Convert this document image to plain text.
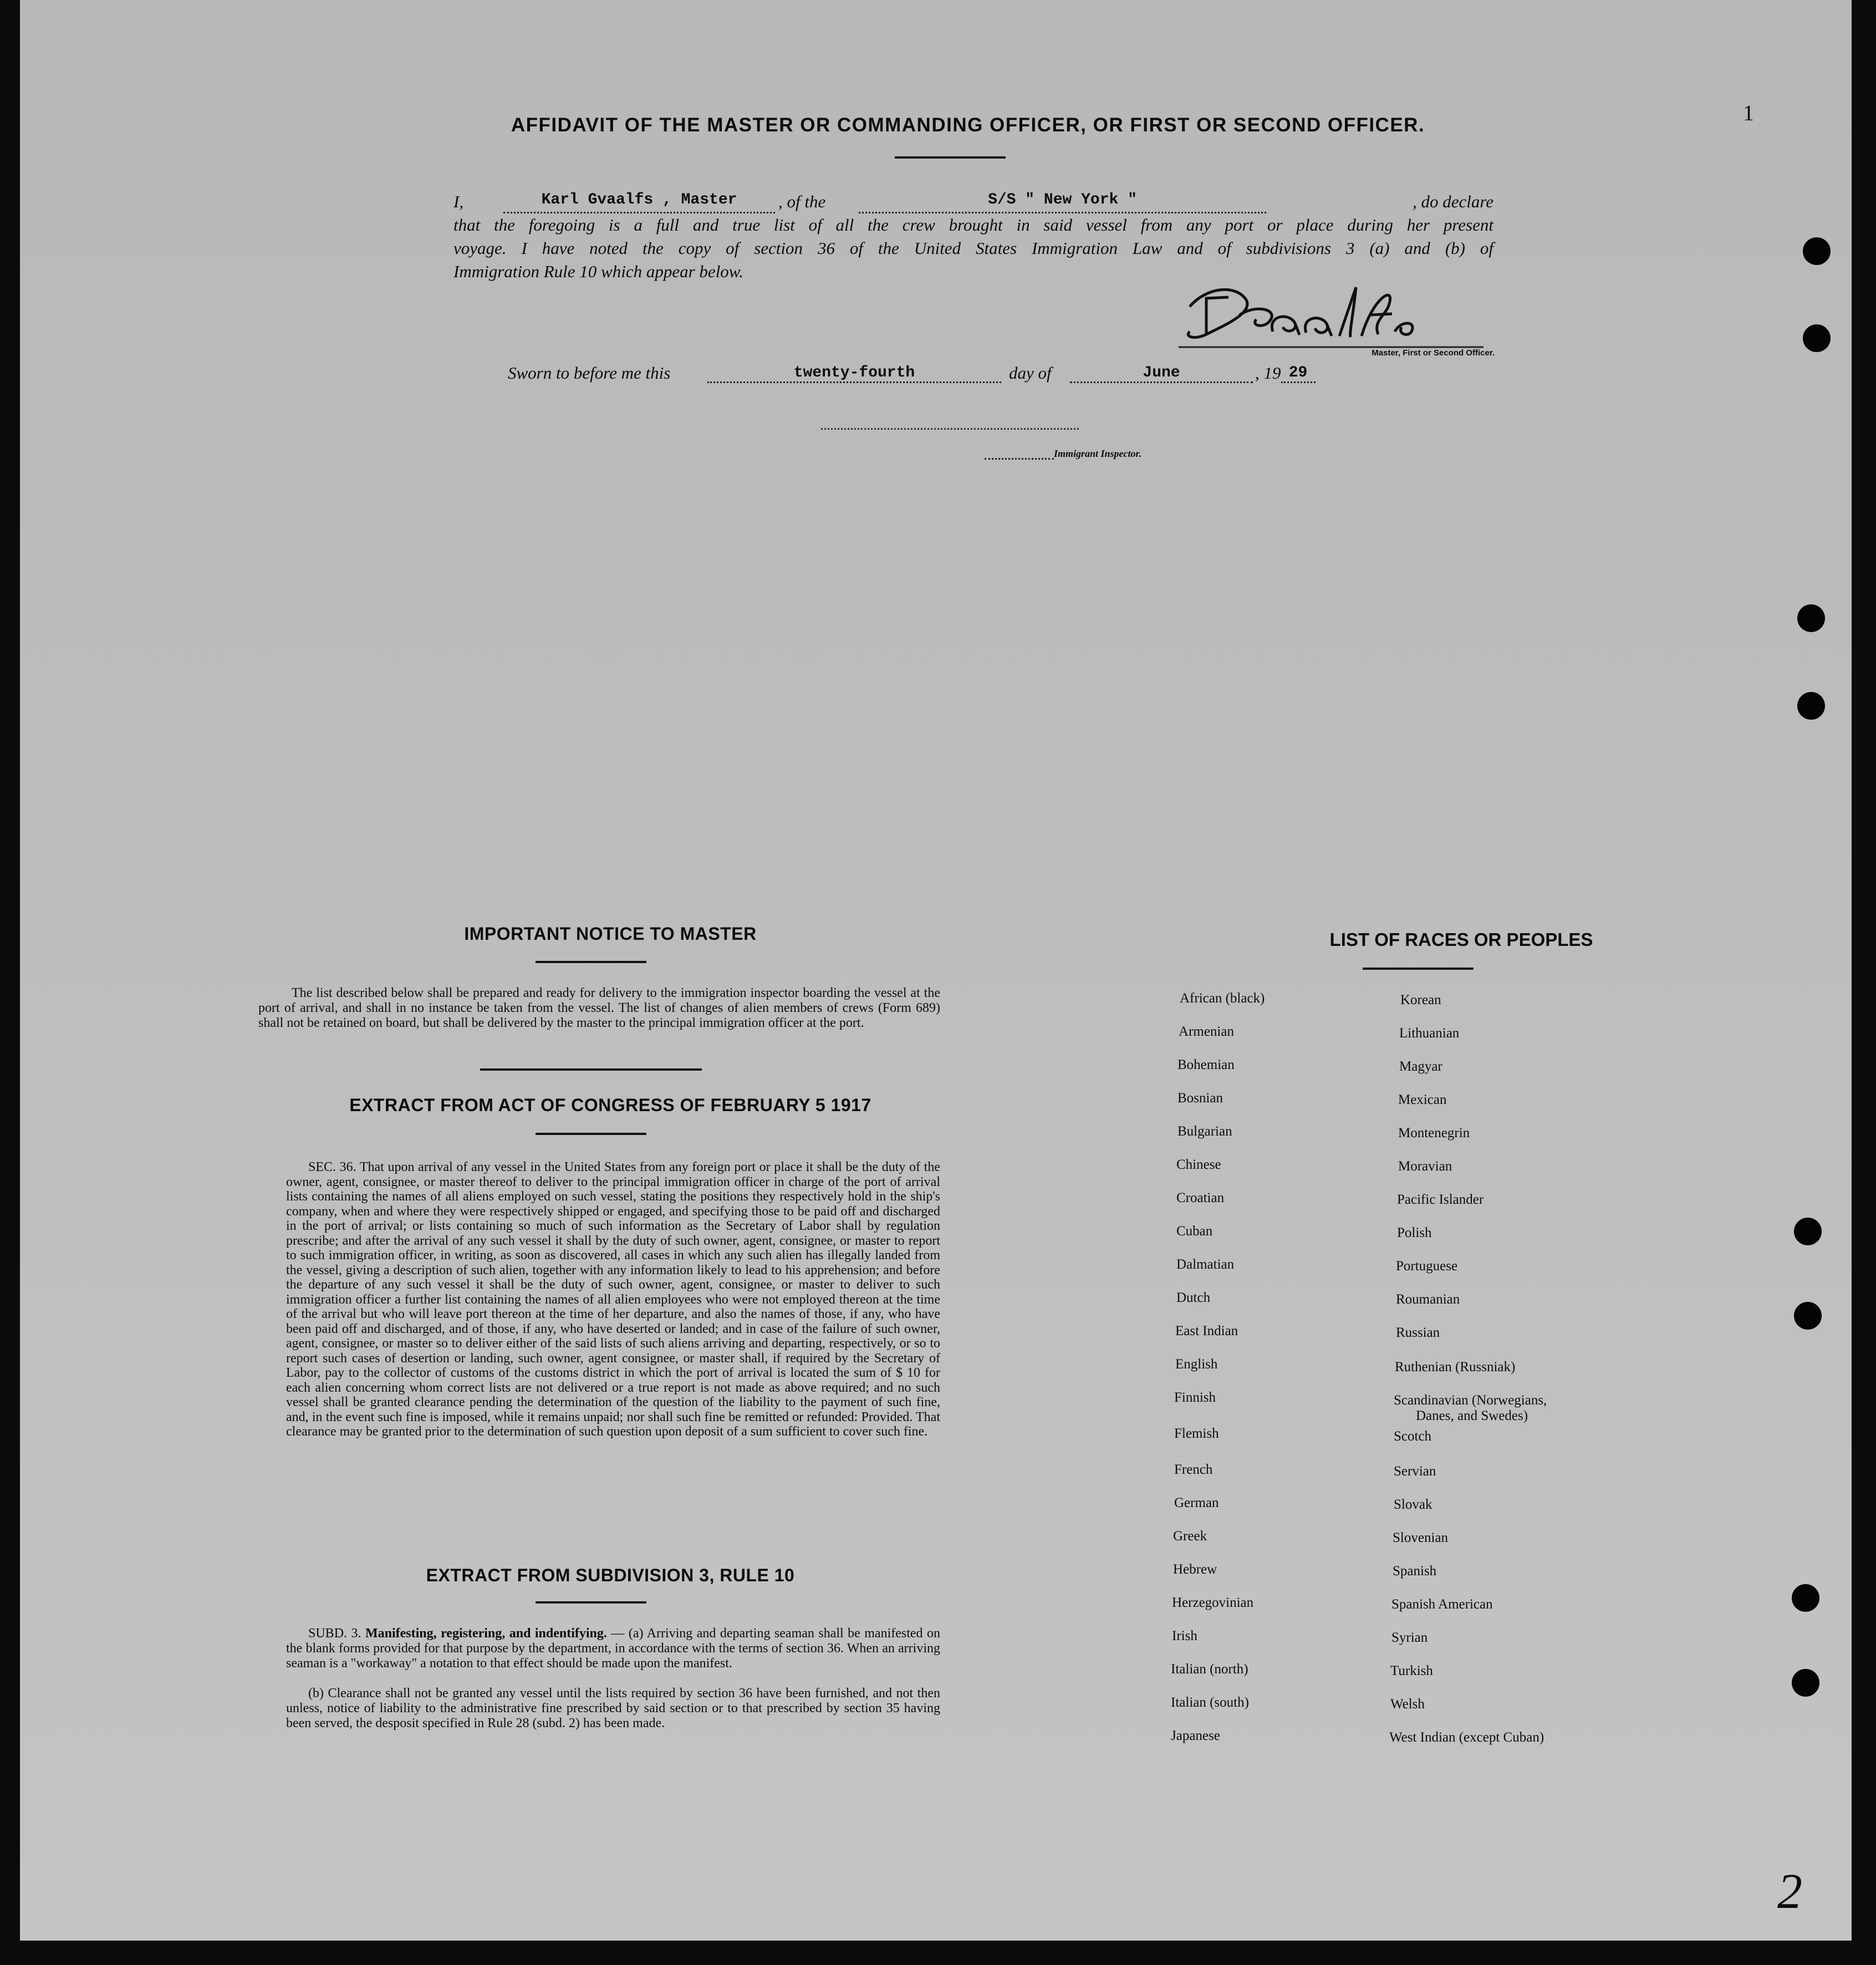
1
2
AFFIDAVIT OF THE MASTER OR COMMANDING OFFICER, OR FIRST OR SECOND OFFICER.
I,	Karl Gvaalfs , Master	, of the	S/S " New York "	, do declare
that the foregoing is a full and true list of all the crew brought in said vessel from any port or place during her present
voyage. I have noted the copy of section 36 of the United States Immigration Law and of subdivisions 3 (a) and (b) of
Immigration Rule 10 which appear below.
Master, First or Second Officer.
Sworn to before me this	twenty-fourth	day of	June	, 19 29
Immigrant Inspector.
IMPORTANT NOTICE TO MASTER
The list described below shall be prepared and ready for delivery to the immigration inspector boarding the vessel at the port of arrival, and shall in no instance be taken from the vessel. The list of changes of alien members of crews (Form 689) shall not be retained on board, but shall be delivered by the master to the principal immigration officer at the port.
EXTRACT FROM ACT OF CONGRESS OF FEBRUARY 5 1917
SEC. 36. That upon arrival of any vessel in the United States from any foreign port or place it shall be the duty of the owner, agent, consignee, or master thereof to deliver to the principal immigration officer in charge of the port of arrival lists containing the names of all aliens employed on such vessel, stating the positions they respectively hold in the ship's company, when and where they were respectively shipped or engaged, and specifying those to be paid off and discharged in the port of arrival; or lists containing so much of such information as the Secretary of Labor shall by regulation prescribe; and after the arrival of any such vessel it shall by the duty of such owner, agent, consignee, or master to report to such immigration officer, in writing, as soon as discovered, all cases in which any such alien has illegally landed from the vessel, giving a description of such alien, together with any information likely to lead to his apprehension; and before the departure of any such vessel it shall be the duty of such owner, agent, consignee, or master to deliver to such immigration officer a further list containing the names of all alien employees who were not employed thereon at the time of the arrival but who will leave port thereon at the time of her departure, and also the names of those, if any, who have been paid off and discharged, and of those, if any, who have deserted or landed; and in case of the failure of such owner, agent, consignee, or master so to deliver either of the said lists of such aliens arriving and departing, respectively, or so to report such cases of desertion or landing, such owner, agent consignee, or master shall, if required by the Secretary of Labor, pay to the collector of customs of the customs district in which the port of arrival is located the sum of $ 10 for each alien concerning whom correct lists are not delivered or a true report is not made as above required; and no such vessel shall be granted clearance pending the determination of the question of the liability to the payment of such fine, and, in the event such fine is imposed, while it remains unpaid; nor shall such fine be remitted or refunded: Provided. That clearance may be granted prior to the determination of such question upon deposit of a sum sufficient to cover such fine.
EXTRACT FROM SUBDIVISION 3, RULE 10
SUBD. 3. Manifesting, registering, and indentifying. — (a) Arriving and departing seaman shall be manifested on the blank forms provided for that purpose by the department, in accordance with the terms of section 36. When an arriving seaman is a "workaway" a notation to that effect should be made upon the manifest.
(b) Clearance shall not be granted any vessel until the lists required by section 36 have been furnished, and not then unless, notice of liability to the administrative fine prescribed by said section or to that prescribed by section 35 having been served, the desposit specified in Rule 28 (subd. 2) has been made.
LIST OF RACES OR PEOPLES
African (black)
Armenian
Bohemian
Bosnian
Bulgarian
Chinese
Croatian
Cuban
Dalmatian
Dutch
East Indian
English
Finnish
Flemish
French
German
Greek
Hebrew
Herzegovinian
Irish
Italian (north)
Italian (south)
Japanese
Korean
Lithuanian
Magyar
Mexican
Montenegrin
Moravian
Pacific Islander
Polish
Portuguese
Roumanian
Russian
Ruthenian (Russniak)
Scandinavian (Norwegians,
Danes, and Swedes)
Scotch
Servian
Slovak
Slovenian
Spanish
Spanish American
Syrian
Turkish
Welsh
West Indian (except Cuban)
